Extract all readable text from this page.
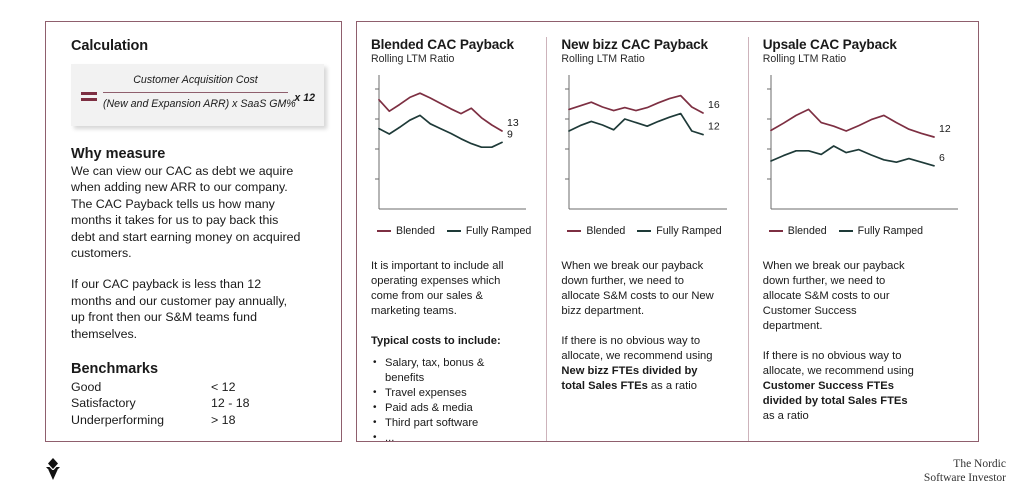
Calculation
Customer Acquisition Cost
(New and Expansion ARR) x SaaS GM%
x 12
Why measure

We can view our CAC as debt we aquire when adding new ARR to our company. The CAC Payback tells us how many months it takes for us to pay back this debt and start earning money on acquired customers.

If our CAC payback is less than 12 months and our customer pay annually, up front then our S&M teams fund themselves.

Benchmarks
Good	< 12
Satisfactory	12 - 18
Underperforming	> 18
Blended CAC Payback
Rolling LTM Ratio
13
9
Blended	Fully Ramped

It is important to include all operating expenses which come from our sales & marketing teams.

Typical costs to include:

• Salary, tax, bonus & benefits
• Travel expenses
• Paid ads & media
• Third part software
• ...
New bizz CAC Payback
Rolling LTM Ratio
16
12
Blended	Fully Ramped

When we break our payback down further, we need to allocate S&M costs to our New bizz department.

If there is no obvious way to allocate, we recommend using New bizz FTEs divided by total Sales FTEs as a ratio

Upsale CAC Payback
Rolling LTM Ratio
12
6
Blended	Fully Ramped

When we break our payback down further, we need to allocate S&M costs to our Customer Success department.

If there is no obvious way to allocate, we recommend using Customer Success FTEs divided by total Sales FTEs as a ratio

The Nordic
Software Investor
